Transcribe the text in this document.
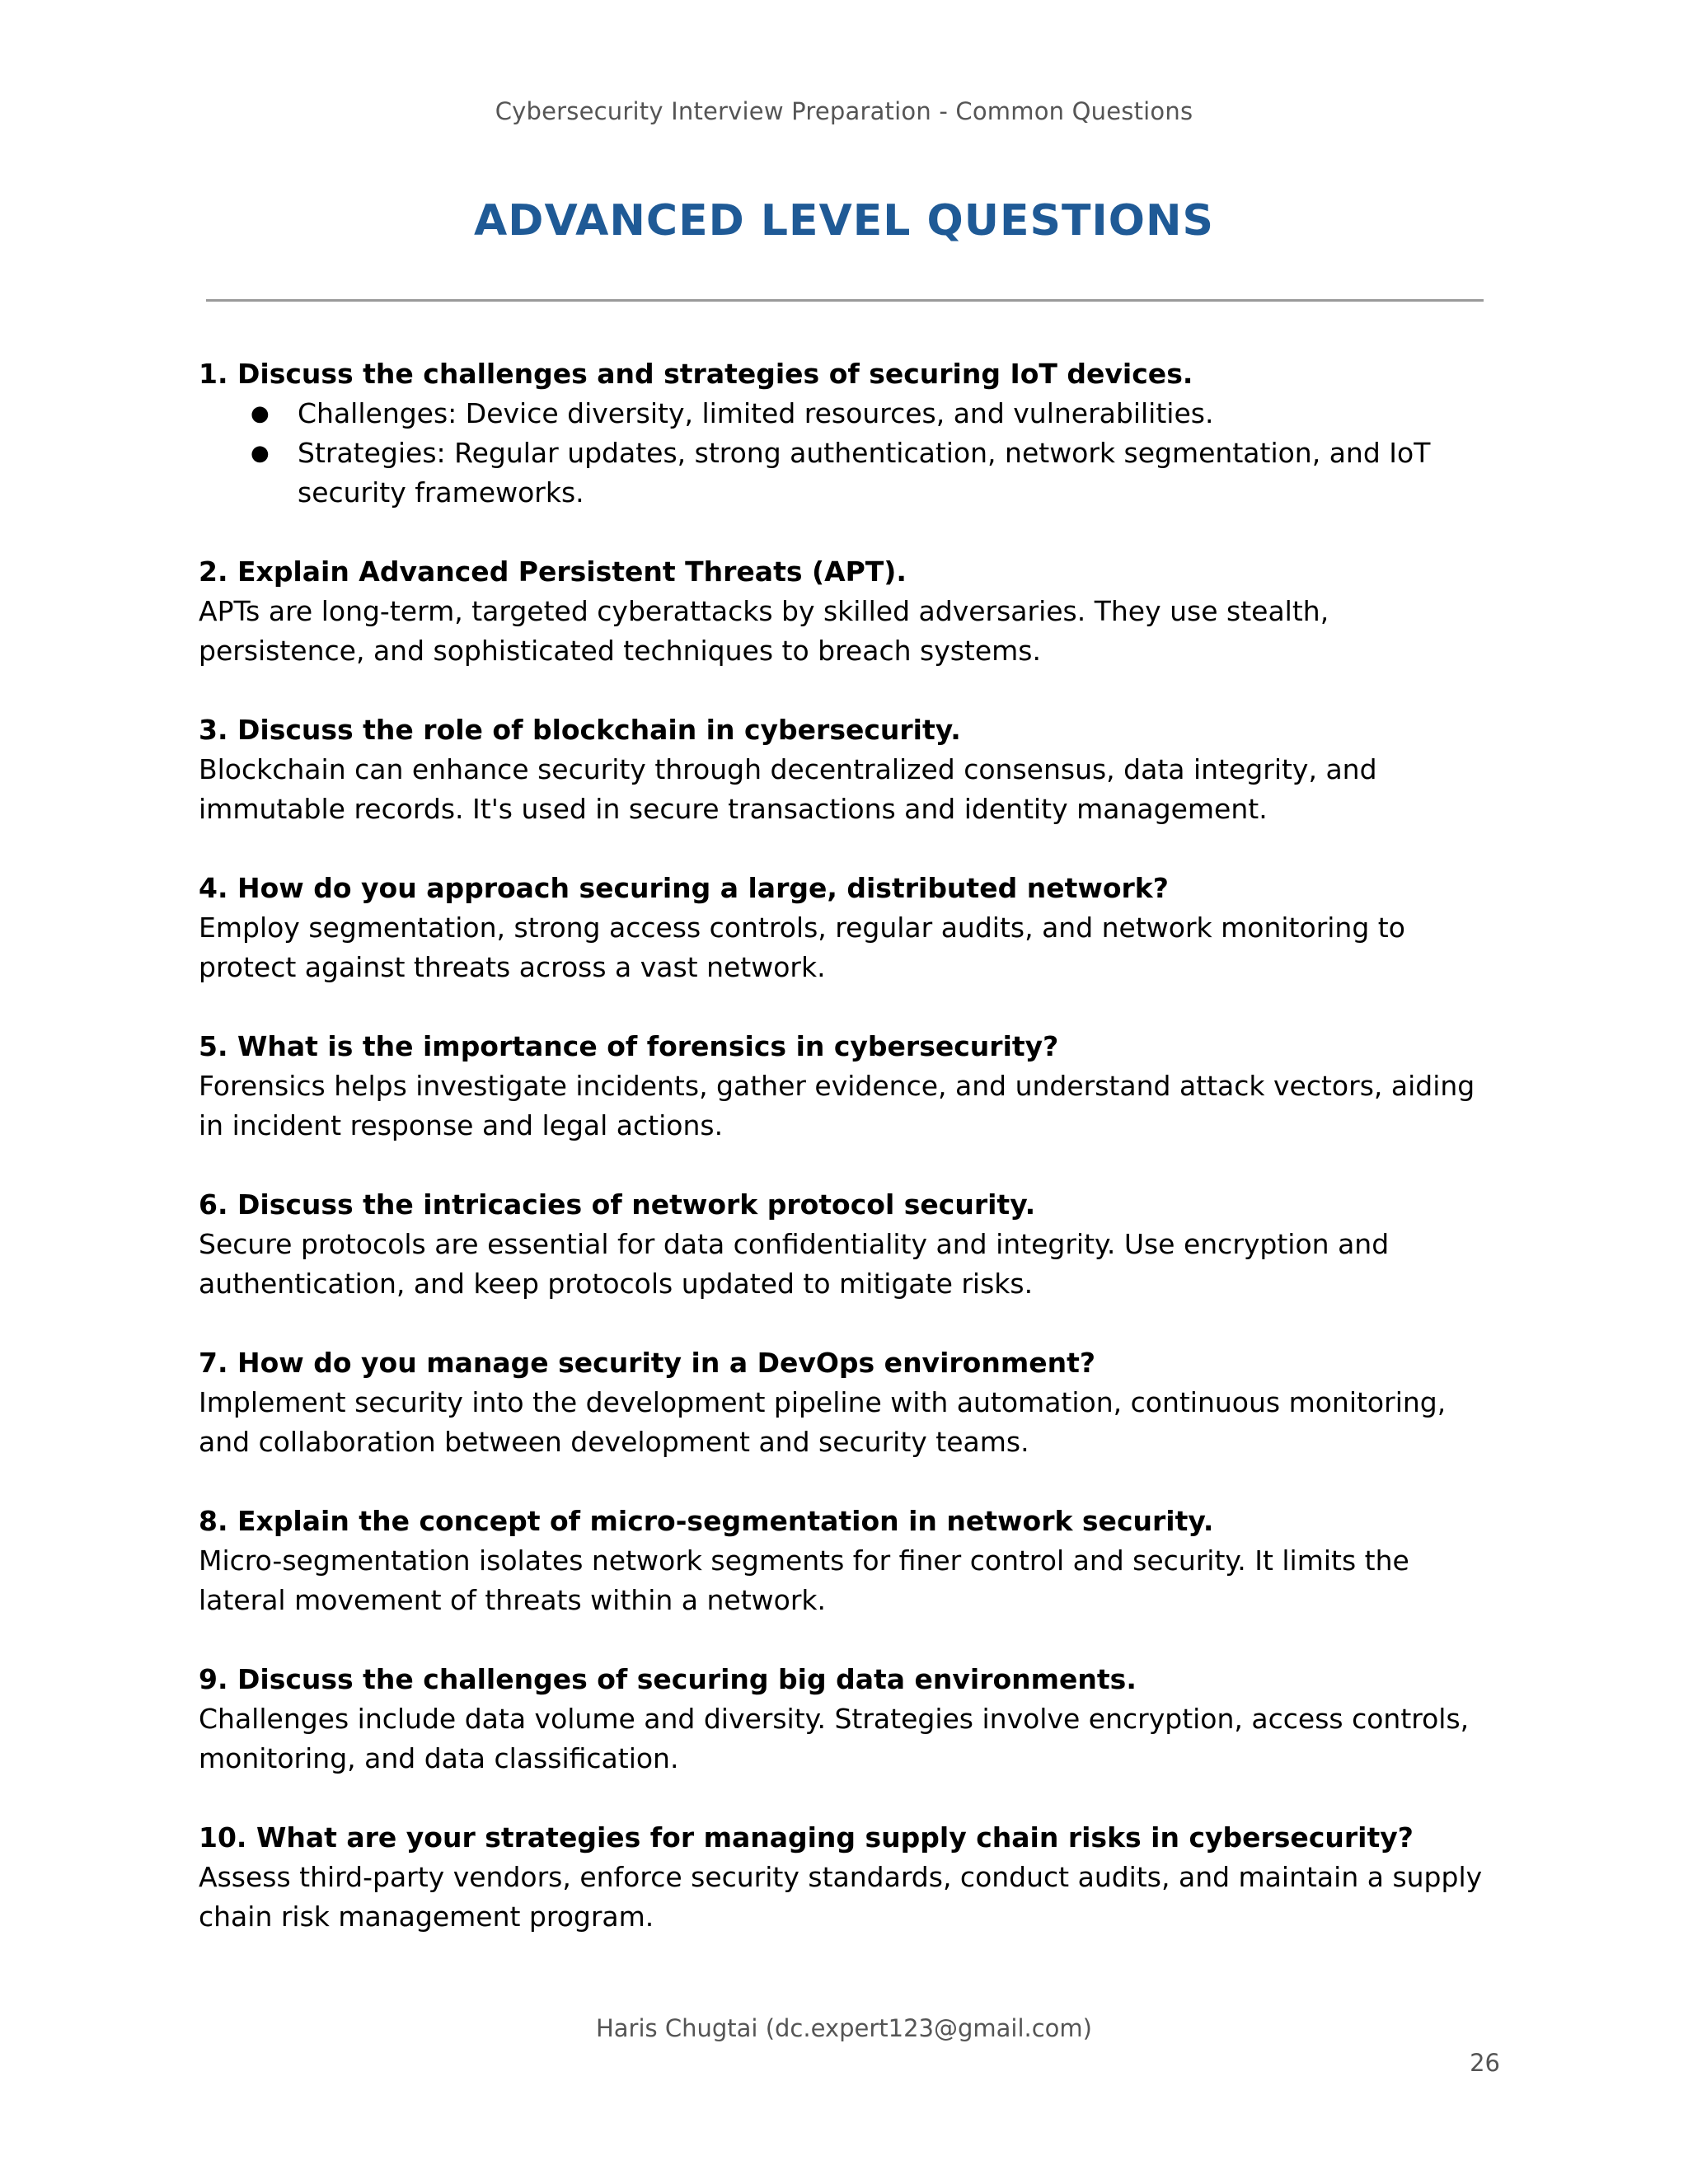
Cybersecurity Interview Preparation - Common Questions
ADVANCED LEVEL QUESTIONS

1. Discuss the challenges and strategies of securing IoT devices.

● Challenges: Device diversity, limited resources, and vulnerabilities.
● Strategies: Regular updates, strong authentication, network segmentation, and IoT security frameworks.

2. Explain Advanced Persistent Threats (APT).

APTs are long-term, targeted cyberattacks by skilled adversaries. They use stealth, persistence, and sophisticated techniques to breach systems.

3. Discuss the role of blockchain in cybersecurity.

Blockchain can enhance security through decentralized consensus, data integrity, and immutable records. It's used in secure transactions and identity management.

4. How do you approach securing a large, distributed network?

Employ segmentation, strong access controls, regular audits, and network monitoring to protect against threats across a vast network.

5. What is the importance of forensics in cybersecurity?

Forensics helps investigate incidents, gather evidence, and understand attack vectors, aiding in incident response and legal actions.

6. Discuss the intricacies of network protocol security.

Secure protocols are essential for data confidentiality and integrity. Use encryption and authentication, and keep protocols updated to mitigate risks.

7. How do you manage security in a DevOps environment?

Implement security into the development pipeline with automation, continuous monitoring, and collaboration between development and security teams.

8. Explain the concept of micro-segmentation in network security.

Micro-segmentation isolates network segments for finer control and security. It limits the lateral movement of threats within a network.

9. Discuss the challenges of securing big data environments.

Challenges include data volume and diversity. Strategies involve encryption, access controls, monitoring, and data classification.

10. What are your strategies for managing supply chain risks in cybersecurity?

Assess third-party vendors, enforce security standards, conduct audits, and maintain a supply chain risk management program.

Haris Chugtai (dc.expert123@gmail.com)
26
